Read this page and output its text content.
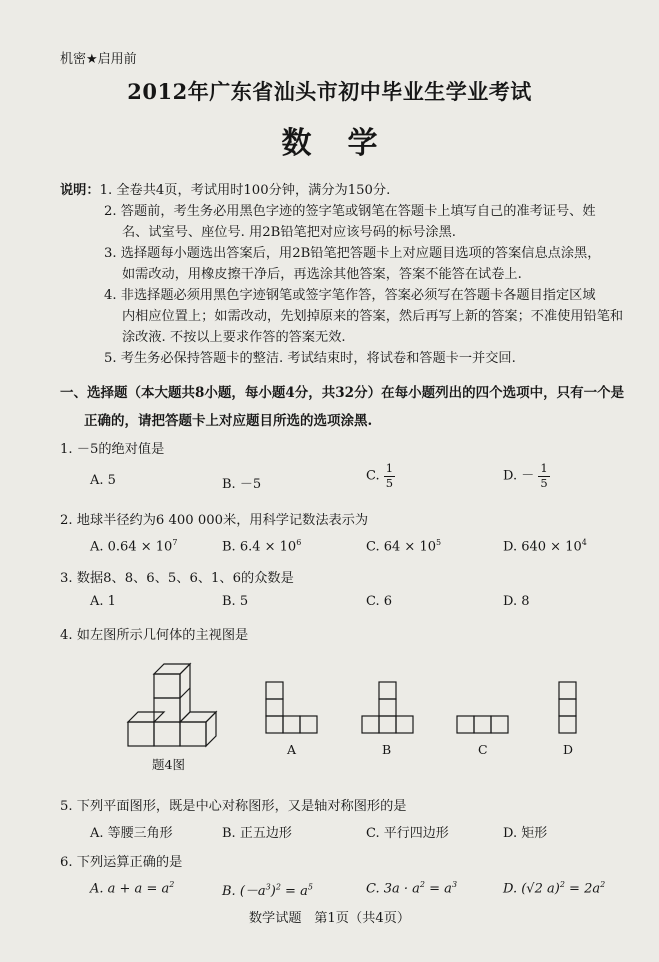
机密★启用前
2012年广东省汕头市初中毕业生学业考试
数学
说明：1. 全卷共4页，考试用时100分钟，满分为150分.
2. 答题前，考生务必用黑色字迹的签字笔或钢笔在答题卡上填写自己的准考证号、姓
名、试室号、座位号. 用2B铅笔把对应该号码的标号涂黑.
3. 选择题每小题选出答案后，用2B铅笔把答题卡上对应题目选项的答案信息点涂黑，
如需改动，用橡皮擦干净后，再选涂其他答案，答案不能答在试卷上.
4. 非选择题必须用黑色字迹钢笔或签字笔作答，答案必须写在答题卡各题目指定区域
内相应位置上；如需改动，先划掉原来的答案，然后再写上新的答案；不准使用铅笔和
涂改液. 不按以上要求作答的答案无效.
5. 考生务必保持答题卡的整洁. 考试结束时，将试卷和答题卡一并交回.
一、选择题（本大题共8小题，每小题4分，共32分）在每小题列出的四个选项中，只有一个是
正确的，请把答题卡上对应题目所选的选项涂黑.
1. －5的绝对值是
A. 5	B. －5
C. $\frac{1}{5}$	D. － $\frac{1}{5}$
2. 地球半径约为6 400 000米，用科学记数法表示为
A. $0.64 \times 10^7$	B. $6.4 \times 10^6$	C. $64 \times 10^5$	D. $640 \times 10^4$
3. 数据8、8、6、5、6、1、6的众数是
A. 1	B. 5	C. 6	D. 8
4. 如左图所示几何体的主视图是
题4图
A	B	C	D
5. 下列平面图形，既是中心对称图形，又是轴对称图形的是
A. 等腰三角形	B. 正五边形	C. 平行四边形	D. 矩形
6. 下列运算正确的是
A. $a + a = a^2$	B. $(-a^3)^2 = a^5$	C. $3a \cdot a^2 = a^3$	D. (√2 $a)^2 = 2a^2$
数学试题   第1页（共4页）
